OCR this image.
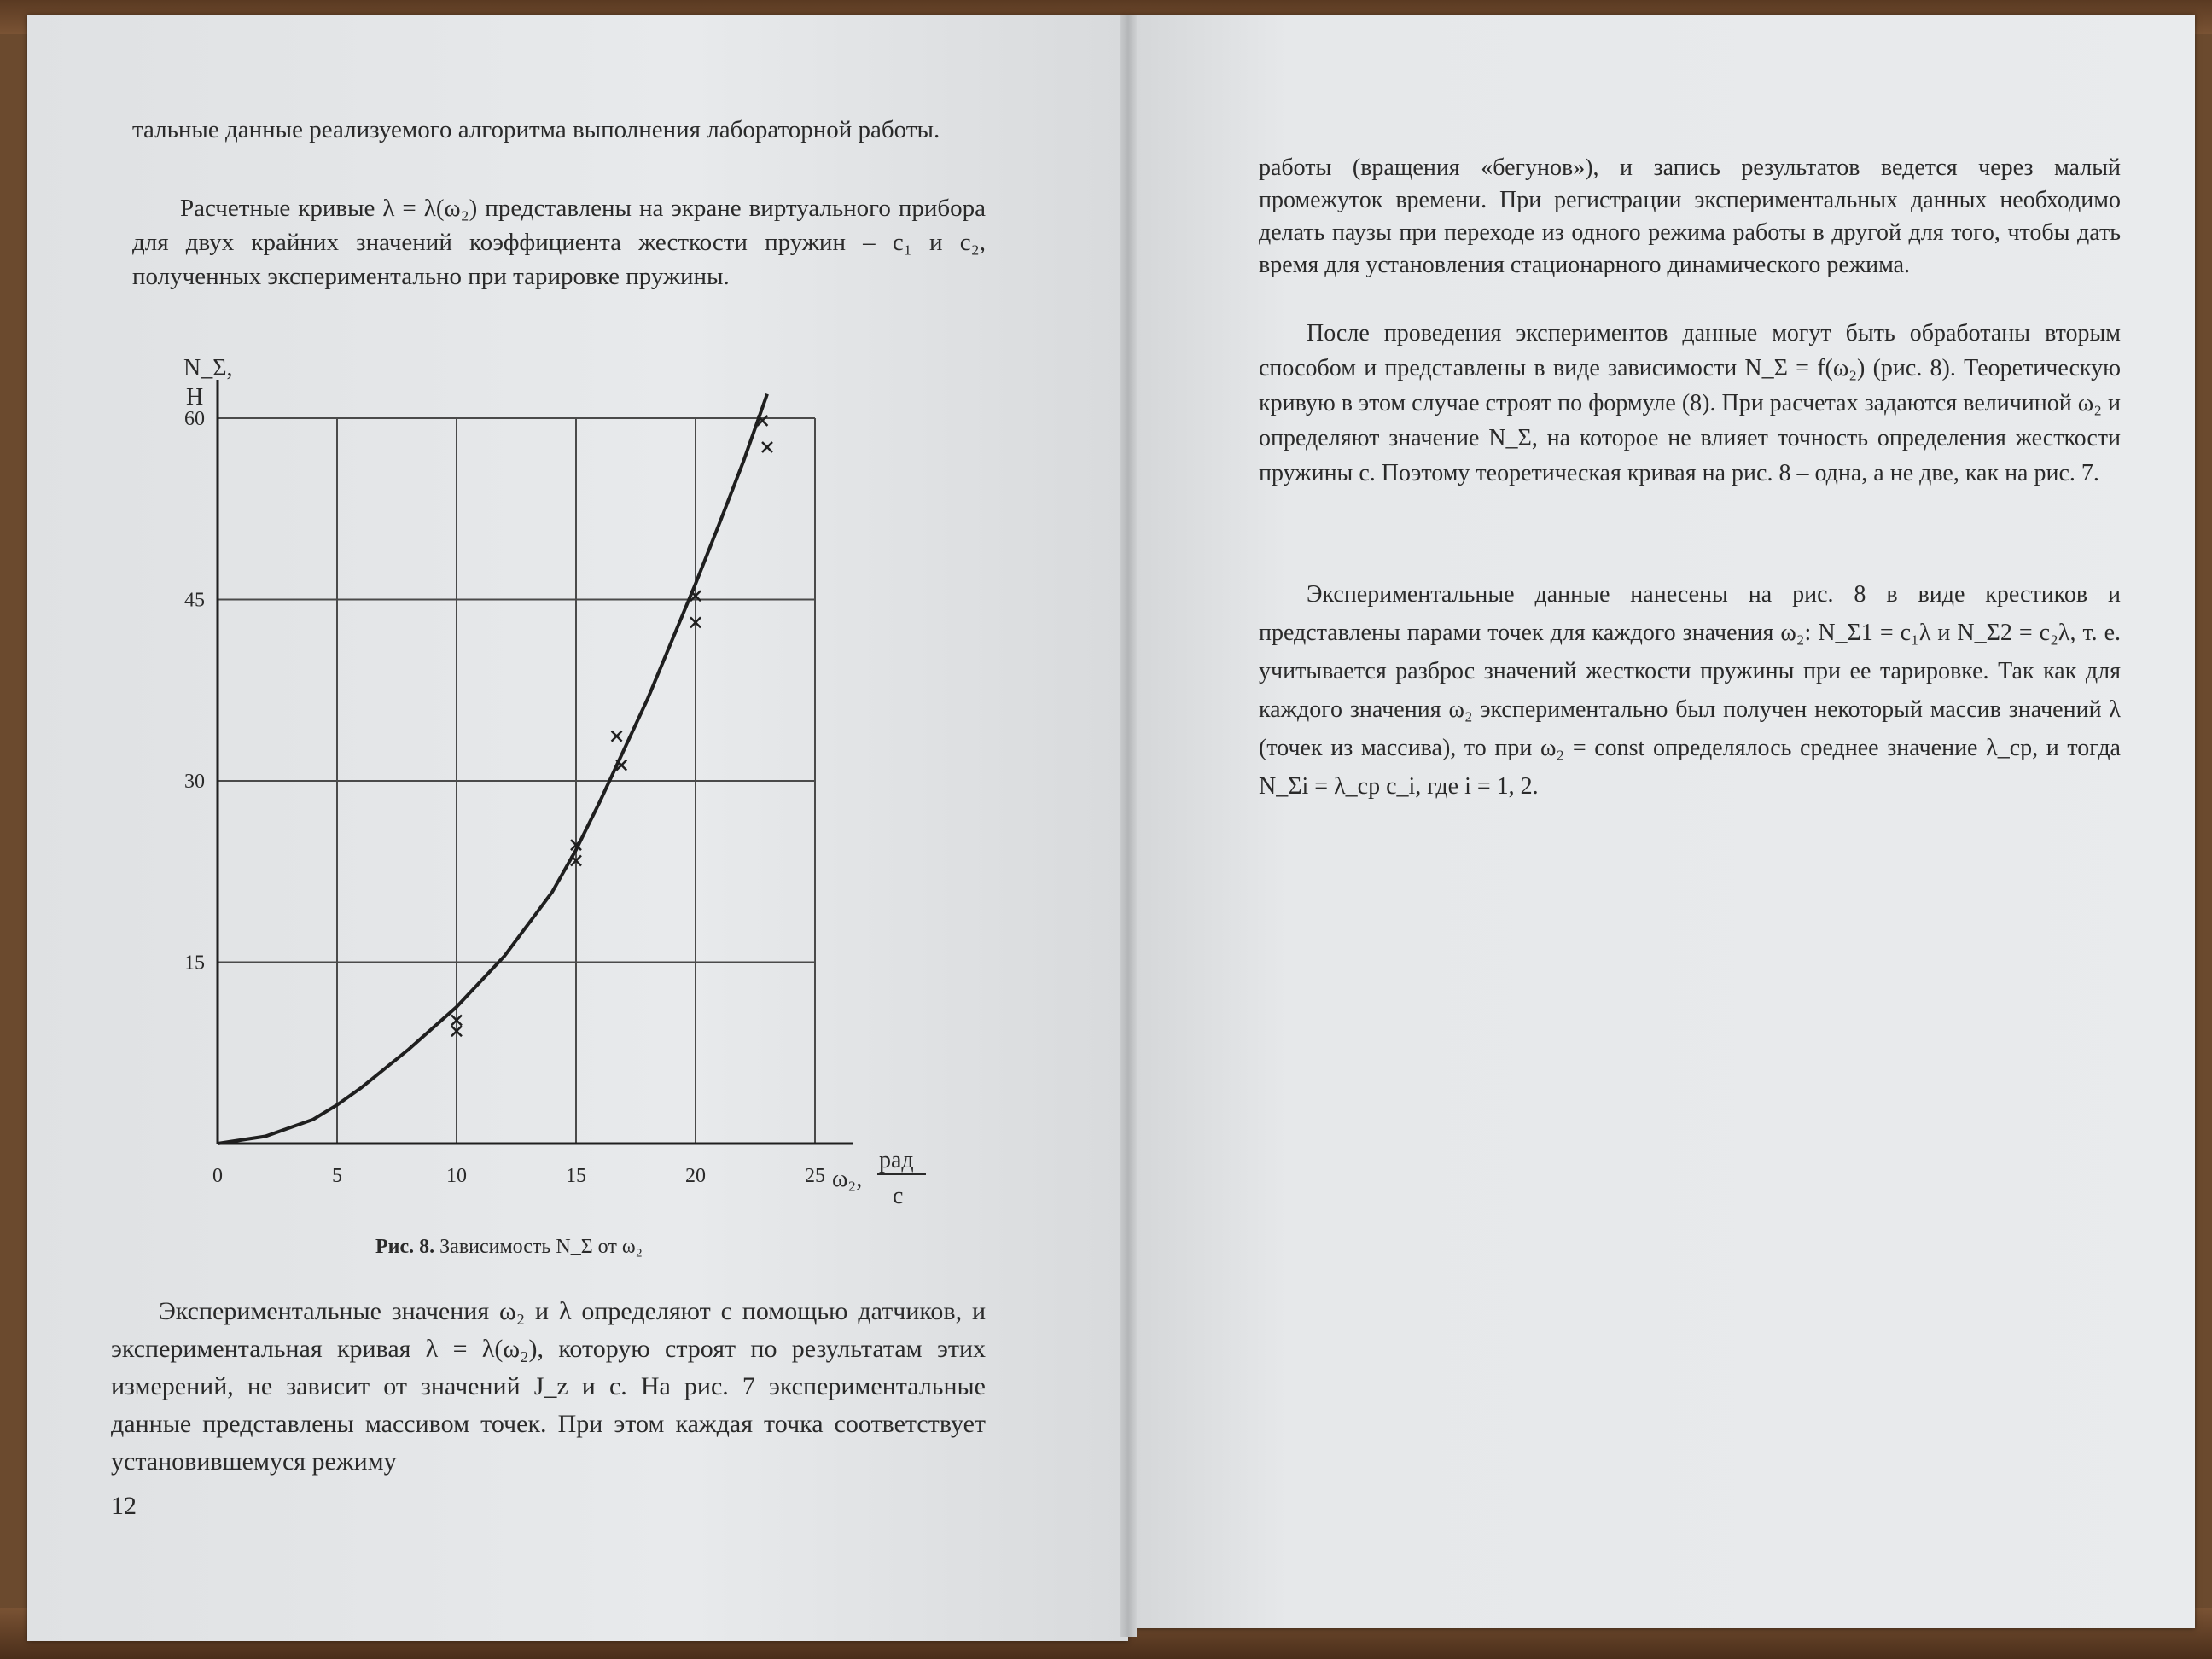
тальные данные реализуемого алгоритма выполнения лабораторной работы.

Расчетные кривые λ = λ(ω₂) представлены на экране виртуального прибора для двух крайних значений коэффициента жесткости пружин – c₁ и c₂, полученных экспериментально при тарировке пружины.

0	5	10	15	20	25
15
30
45
60
N_Σ,
Н
ω₂,
рад
с
Рис. 8. Зависимость N_Σ от ω₂

Экспериментальные значения ω₂ и λ определяют с помощью датчиков, и экспериментальная кривая λ = λ(ω₂), которую строят по результатам этих измерений, не зависит от значений J_z и c. На рис. 7 экспериментальные данные представлены массивом точек. При этом каждая точка соответствует установившемуся режиму

12

работы (вращения «бегунов»), и запись результатов ведется через малый промежуток времени. При регистрации экспериментальных данных необходимо делать паузы при переходе из одного режима работы в другой для того, чтобы дать время для установления стационарного динамического режима.

После проведения экспериментов данные могут быть обработаны вторым способом и представлены в виде зависимости N_Σ = f(ω₂) (рис. 8). Теоретическую кривую в этом случае строят по формуле (8). При расчетах задаются величиной ω₂ и определяют значение N_Σ, на которое не влияет точность определения жесткости пружины c. Поэтому теоретическая кривая на рис. 8 – одна, а не две, как на рис. 7.

Экспериментальные данные нанесены на рис. 8 в виде крестиков и представлены парами точек для каждого значения ω₂: N_Σ1 = c₁λ и N_Σ2 = c₂λ, т. е. учитывается разброс значений жесткости пружины при ее тарировке. Так как для каждого значения ω₂ экспериментально был получен некоторый массив значений λ (точек из массива), то при ω₂ = const определялось среднее значение λ_ср, и тогда N_Σi = λ_ср c_i, где i = 1, 2.
